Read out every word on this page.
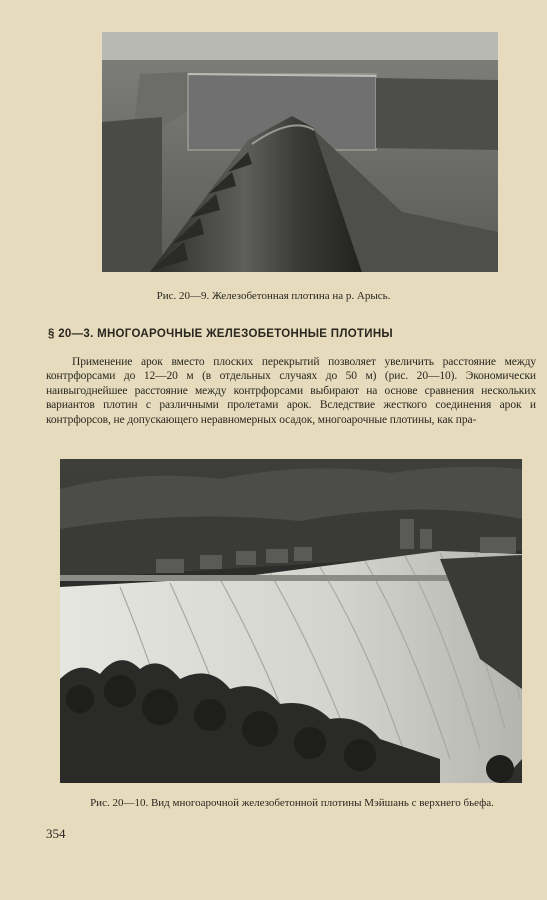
Рис. 20—9. Железобетонная плотина на р. Арысь.
§ 20—3. МНОГОАРОЧНЫЕ ЖЕЛЕЗОБЕТОННЫЕ ПЛОТИНЫ
Применение арок вместо плоских перекрытий позволяет увеличить расстояние между контрфорсами до 12—20 м (в отдельных случаях до 50 м) (рис. 20—10). Экономически наивыгоднейшее расстояние между контрфорсами выбирают на основе сравнения нескольких вариантов плотин с различными пролетами арок. Вследствие жесткого соединения арок и контрфорсов, не допускающего неравномерных осадок, многоарочные плотины, как пра-
Рис. 20—10. Вид многоарочной железобетонной плотины Мэйшань с верхнего бьефа.
354
